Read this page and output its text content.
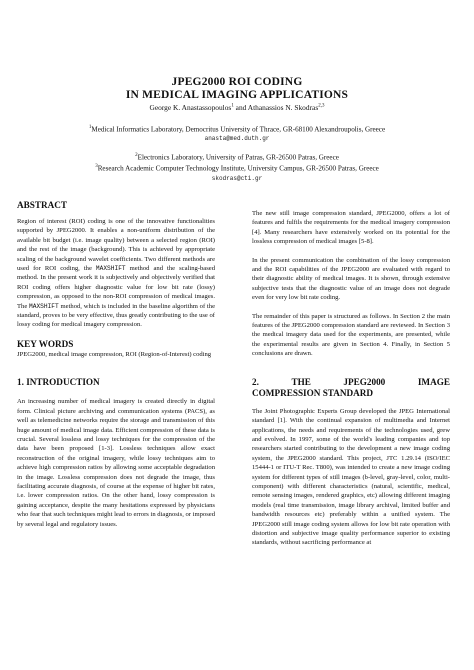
JPEG2000 ROI CODING
IN MEDICAL IMAGING APPLICATIONS
George K. Anastassopoulos$^1$ and Athanassios N. Skodras$^{2,3}$
$^1$Medical Informatics Laboratory, Democritus University of Thrace, GR-68100 Alexandroupolis, Greece
anasta@med.duth.gr
$^2$Electronics Laboratory, University of Patras, GR-26500 Patras, Greece
$^3$Research Academic Computer Technology Institute, University Campus, GR-26500 Patras, Greece
skodras@cti.gr
ABSTRACT

Region of interest (ROI) coding is one of the innovative functionalities supported by JPEG2000. It enables a non-uniform distribution of the available bit budget (i.e. image quality) between a selected region (ROI) and the rest of the image (background). This is achieved by appropriate scaling of the background wavelet coefficients. Two different methods are used for ROI coding, the MAXSHIFT method and the scaling-based method. In the present work it is subjectively and objectively verified that ROI coding offers higher diagnostic value for low bit rate (lossy) compression, as opposed to the non-ROI compression of medical images. The MAXSHIFT method, which is included in the baseline algorithm of the standard, proves to be very effective, thus greatly contributing to the use of lossy coding for medical imagery compression.

KEY WORDS

JPEG2000, medical image compression, ROI (Region-of-Interest) coding

1. INTRODUCTION

An increasing number of medical imagery is created directly in digital form. Clinical picture archiving and communication systems (PACS), as well as telemedicine networks require the storage and transmission of this huge amount of medical image data. Efficient compression of these data is crucial. Several lossless and lossy techniques for the compression of the data have been proposed [1-3]. Lossless techniques allow exact reconstruction of the original imagery, while lossy techniques aim to achieve high compression ratios by allowing some acceptable degradation in the image. Lossless compression does not degrade the image, thus facilitating accurate diagnosis, of course at the expense of higher bit rates, i.e. lower compression ratios. On the other hand, lossy compression is gaining acceptance, despite the many hesitations expressed by physicians who fear that such techniques might lead to errors in diagnosis, or imposed by several legal and regulatory issues.

The new still image compression standard, JPEG2000, offers a lot of features and fulfils the requirements for the medical imagery compression [4]. Many researchers have extensively worked on its potential for the lossless compression of medical images [5-8].

In the present communication the combination of the lossy compression and the ROI capabilities of the JPEG2000 are evaluated with regard to their diagnostic ability of medical images. It is shown, through extensive subjective tests that the diagnostic value of an image does not degrade even for very low bit rate coding.

The remainder of this paper is structured as follows. In Section 2 the main features of the JPEG2000 compression standard are reviewed. In Section 3 the medical imagery data used for the experiments, are presented, while the experimental results are given in Section 4. Finally, in Section 5 conclusions are drawn.

2.	THE	JPEG2000	IMAGE
COMPRESSION STANDARD

The Joint Photographic Experts Group developed the JPEG International standard [1]. With the continual expansion of multimedia and Internet applications, the needs and requirements of the technologies used, grew and evolved. In 1997, some of the world's leading companies and top researchers started contributing to the development a new image coding system, the JPEG2000 standard. This project, JTC 1.29.14 (ISO/IEC 15444-1 or ITU-T Rec. T800), was intended to create a new image coding system for different types of still images (b-level, gray-level, color, multi-component) with different characteristics (natural, scientific, medical, remote sensing images, rendered graphics, etc) allowing different imaging models (real time transmission, image library archival, limited buffer and bandwidth resources etc) preferably within a unified system. The JPEG2000 still image coding system allows for low bit rate operation with distortion and subjective image quality performance superior to existing standards, without sacrificing performance at
